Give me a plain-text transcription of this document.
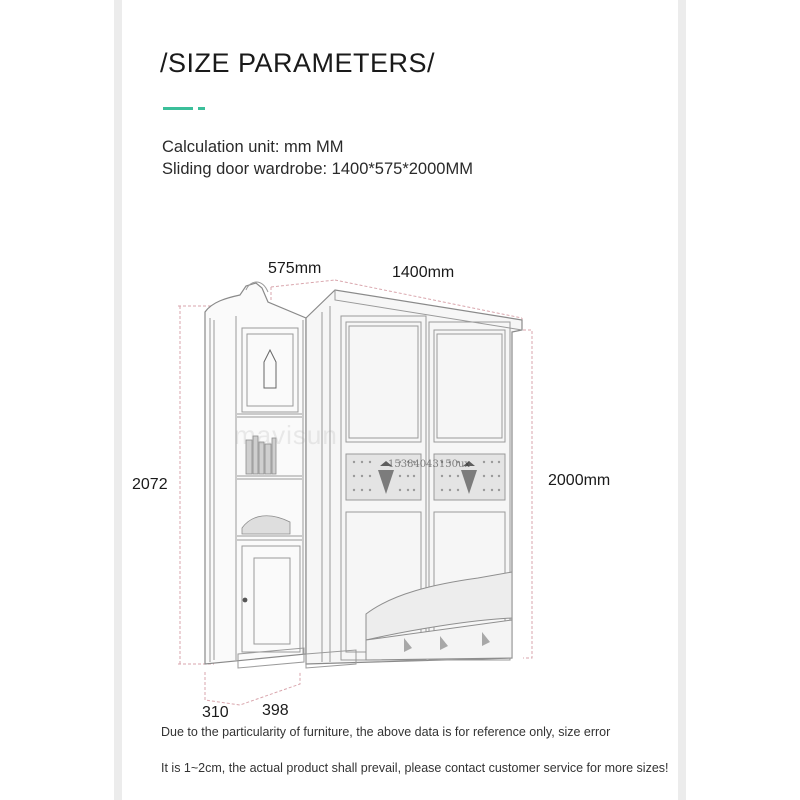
/SIZE PARAMETERS/
Calculation unit: mm MM
Sliding door wardrobe: 1400*575*2000MM
575mm	1400mm
2000mm
2072
310 398
mavisun
15384043150ux
Due to the particularity of furniture, the above data is for reference only, size error
It is 1~2cm, the actual product shall prevail, please contact customer service for more sizes!
